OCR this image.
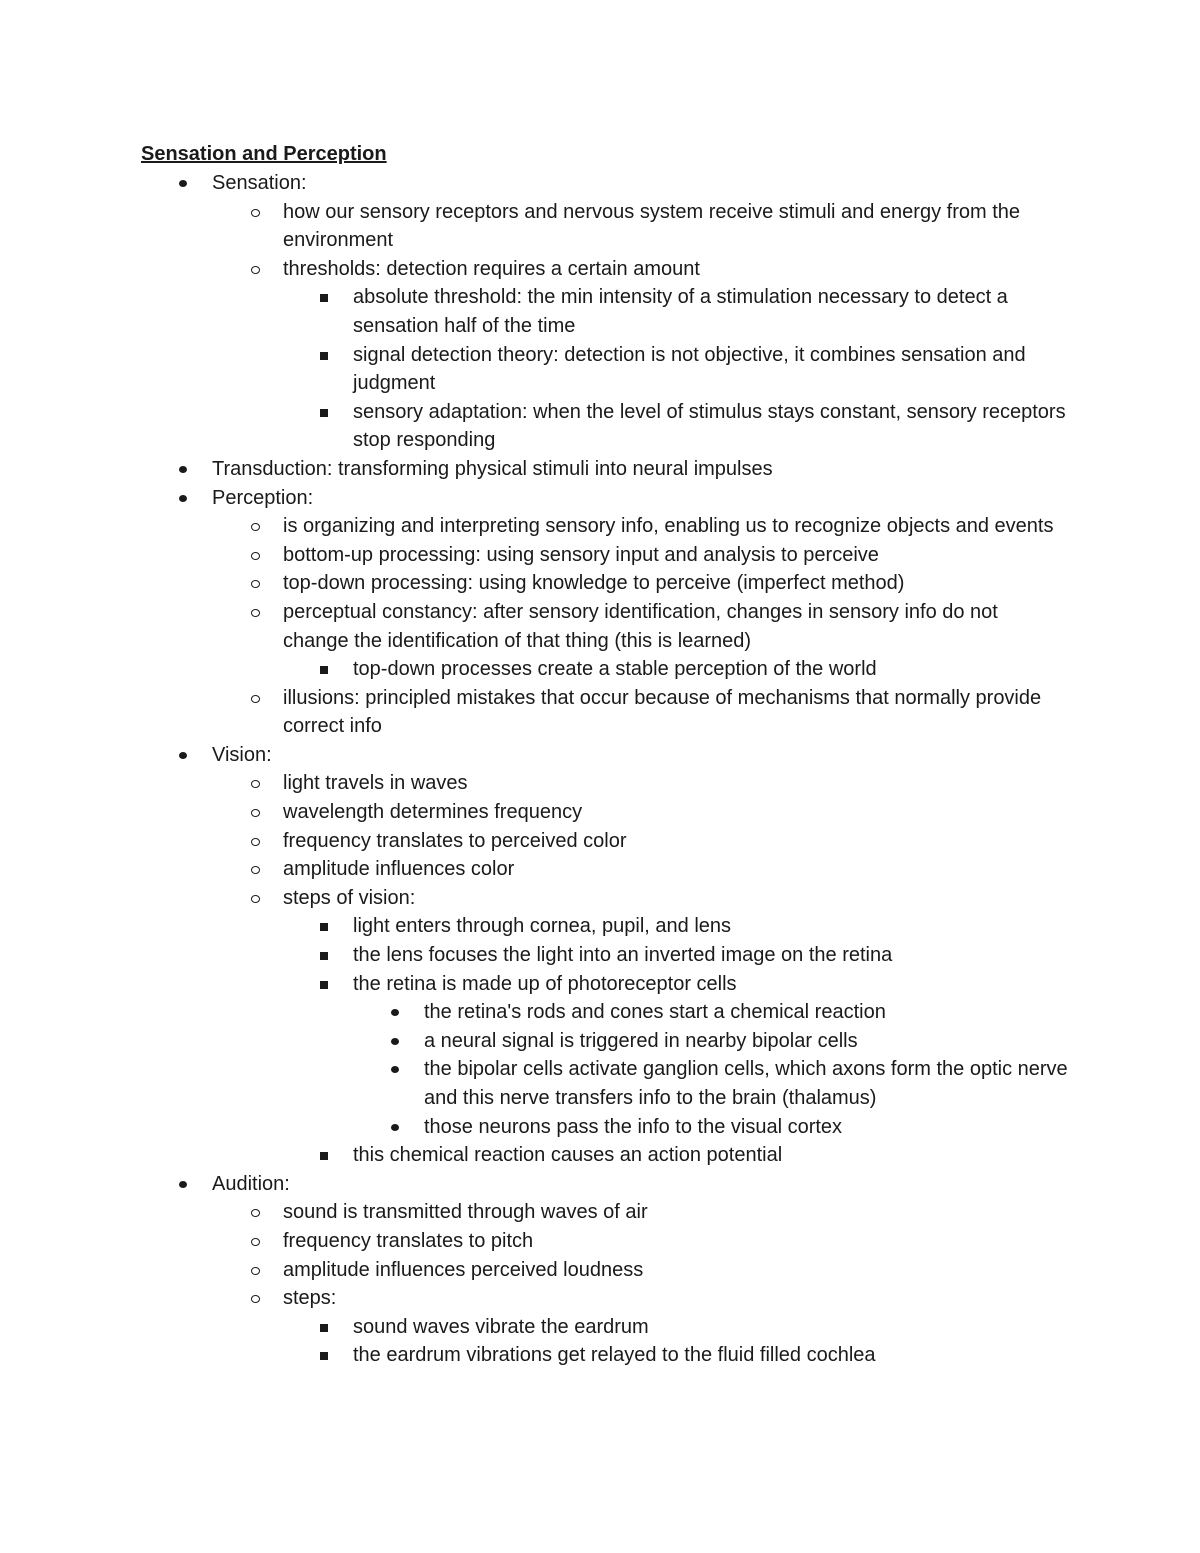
Sensation and Perception
Sensation:
how our sensory receptors and nervous system receive stimuli and energy from the environment
thresholds: detection requires a certain amount
absolute threshold: the min intensity of a stimulation necessary to detect a sensation half of the time
signal detection theory: detection is not objective, it combines sensation and judgment
sensory adaptation: when the level of stimulus stays constant, sensory receptors stop responding
Transduction: transforming physical stimuli into neural impulses
Perception:
is organizing and interpreting sensory info, enabling us to recognize objects and events
bottom-up processing: using sensory input and analysis to perceive
top-down processing: using knowledge to perceive (imperfect method)
perceptual constancy: after sensory identification, changes in sensory info do not change the identification of that thing (this is learned)
top-down processes create a stable perception of the world
illusions: principled mistakes that occur because of mechanisms that normally provide correct info
Vision:
light travels in waves
wavelength determines frequency
frequency translates to perceived color
amplitude influences color
steps of vision:
light enters through cornea, pupil, and lens
the lens focuses the light into an inverted image on the retina
the retina is made up of photoreceptor cells
the retina's rods and cones start a chemical reaction
a neural signal is triggered in nearby bipolar cells
the bipolar cells activate ganglion cells, which axons form the optic nerve and this nerve transfers info to the brain (thalamus)
those neurons pass the info to the visual cortex
this chemical reaction causes an action potential
Audition:
sound is transmitted through waves of air
frequency translates to pitch
amplitude influences perceived loudness
steps:
sound waves vibrate the eardrum
the eardrum vibrations get relayed to the fluid filled cochlea
